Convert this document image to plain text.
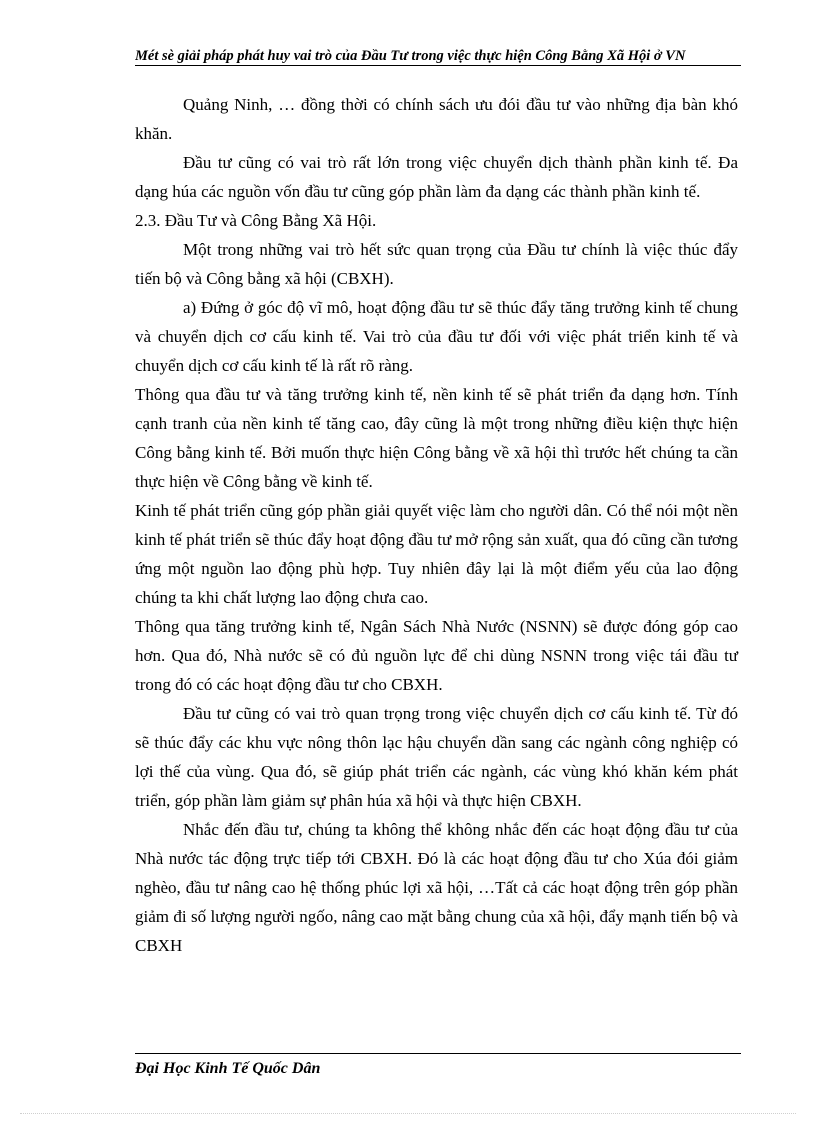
Mét sè giải pháp phát huy vai trò của Đầu Tư trong việc thực hiện Công Bằng Xã Hội ở VN

Quảng Ninh, … đồng thời có chính sách ưu đói đầu tư vào những địa bàn khó khăn.

Đầu tư cũng có vai trò rất lớn trong việc chuyển dịch thành phần kinh tế. Đa dạng húa các nguồn vốn đầu tư cũng góp phần làm đa dạng các thành phần kinh tế.

2.3. Đầu Tư và Công Bằng Xã Hội.

Một trong những vai trò hết sức quan trọng của Đầu tư chính là việc thúc đẩy tiến bộ và Công bằng xã hội (CBXH).

a) Đứng ở góc độ vĩ mô, hoạt động đầu tư sẽ thúc đẩy tăng trưởng kinh tế chung và chuyển dịch cơ cấu kinh tế. Vai trò của đầu tư đối với việc phát triển kinh tế và chuyển dịch cơ cấu kinh tế là rất rõ ràng.

Thông qua đầu tư và tăng trưởng kinh tế, nền kinh tế sẽ phát triển đa dạng hơn. Tính cạnh tranh của nền kinh tế tăng cao, đây cũng là một trong những điều kiện thực hiện Công bằng kinh tế. Bởi muốn thực hiện Công bằng về xã hội thì trước hết chúng ta cần thực hiện về Công bằng về kinh tế.

Kinh tế phát triển cũng góp phần giải quyết việc làm cho người dân. Có thể nói một nền kinh tế phát triển sẽ thúc đẩy hoạt động đầu tư mở rộng sản xuất, qua đó cũng cần tương ứng một nguồn lao động phù hợp. Tuy nhiên đây lại là một điểm yếu của lao động chúng ta khi chất lượng lao động chưa cao.

Thông qua tăng trưởng kinh tế, Ngân Sách Nhà Nước (NSNN) sẽ được đóng góp cao hơn. Qua đó, Nhà nước sẽ có đủ nguồn lực để chi dùng NSNN trong việc tái đầu tư trong đó có các hoạt động đầu tư cho CBXH.

Đầu tư cũng có vai trò quan trọng trong việc chuyển dịch cơ cấu kinh tế. Từ đó sẽ thúc đẩy các khu vực nông thôn lạc hậu chuyển dần sang các ngành công nghiệp có lợi thế của vùng. Qua đó, sẽ giúp phát triển các ngành, các vùng khó khăn kém phát triển, góp phần làm giảm sự phân húa xã hội và thực hiện CBXH.

Nhắc đến đầu tư, chúng ta không thể không nhắc đến các hoạt động đầu tư của Nhà nước tác động trực tiếp tới CBXH. Đó là các hoạt động đầu tư cho Xúa đói giảm nghèo, đầu tư nâng cao hệ thống phúc lợi xã hội, …Tất cả các hoạt động trên góp phần giảm đi số lượng người ngốo, nâng cao mặt bằng chung của xã hội, đẩy mạnh tiến bộ và CBXH

Đại Học Kinh Tế Quốc Dân
